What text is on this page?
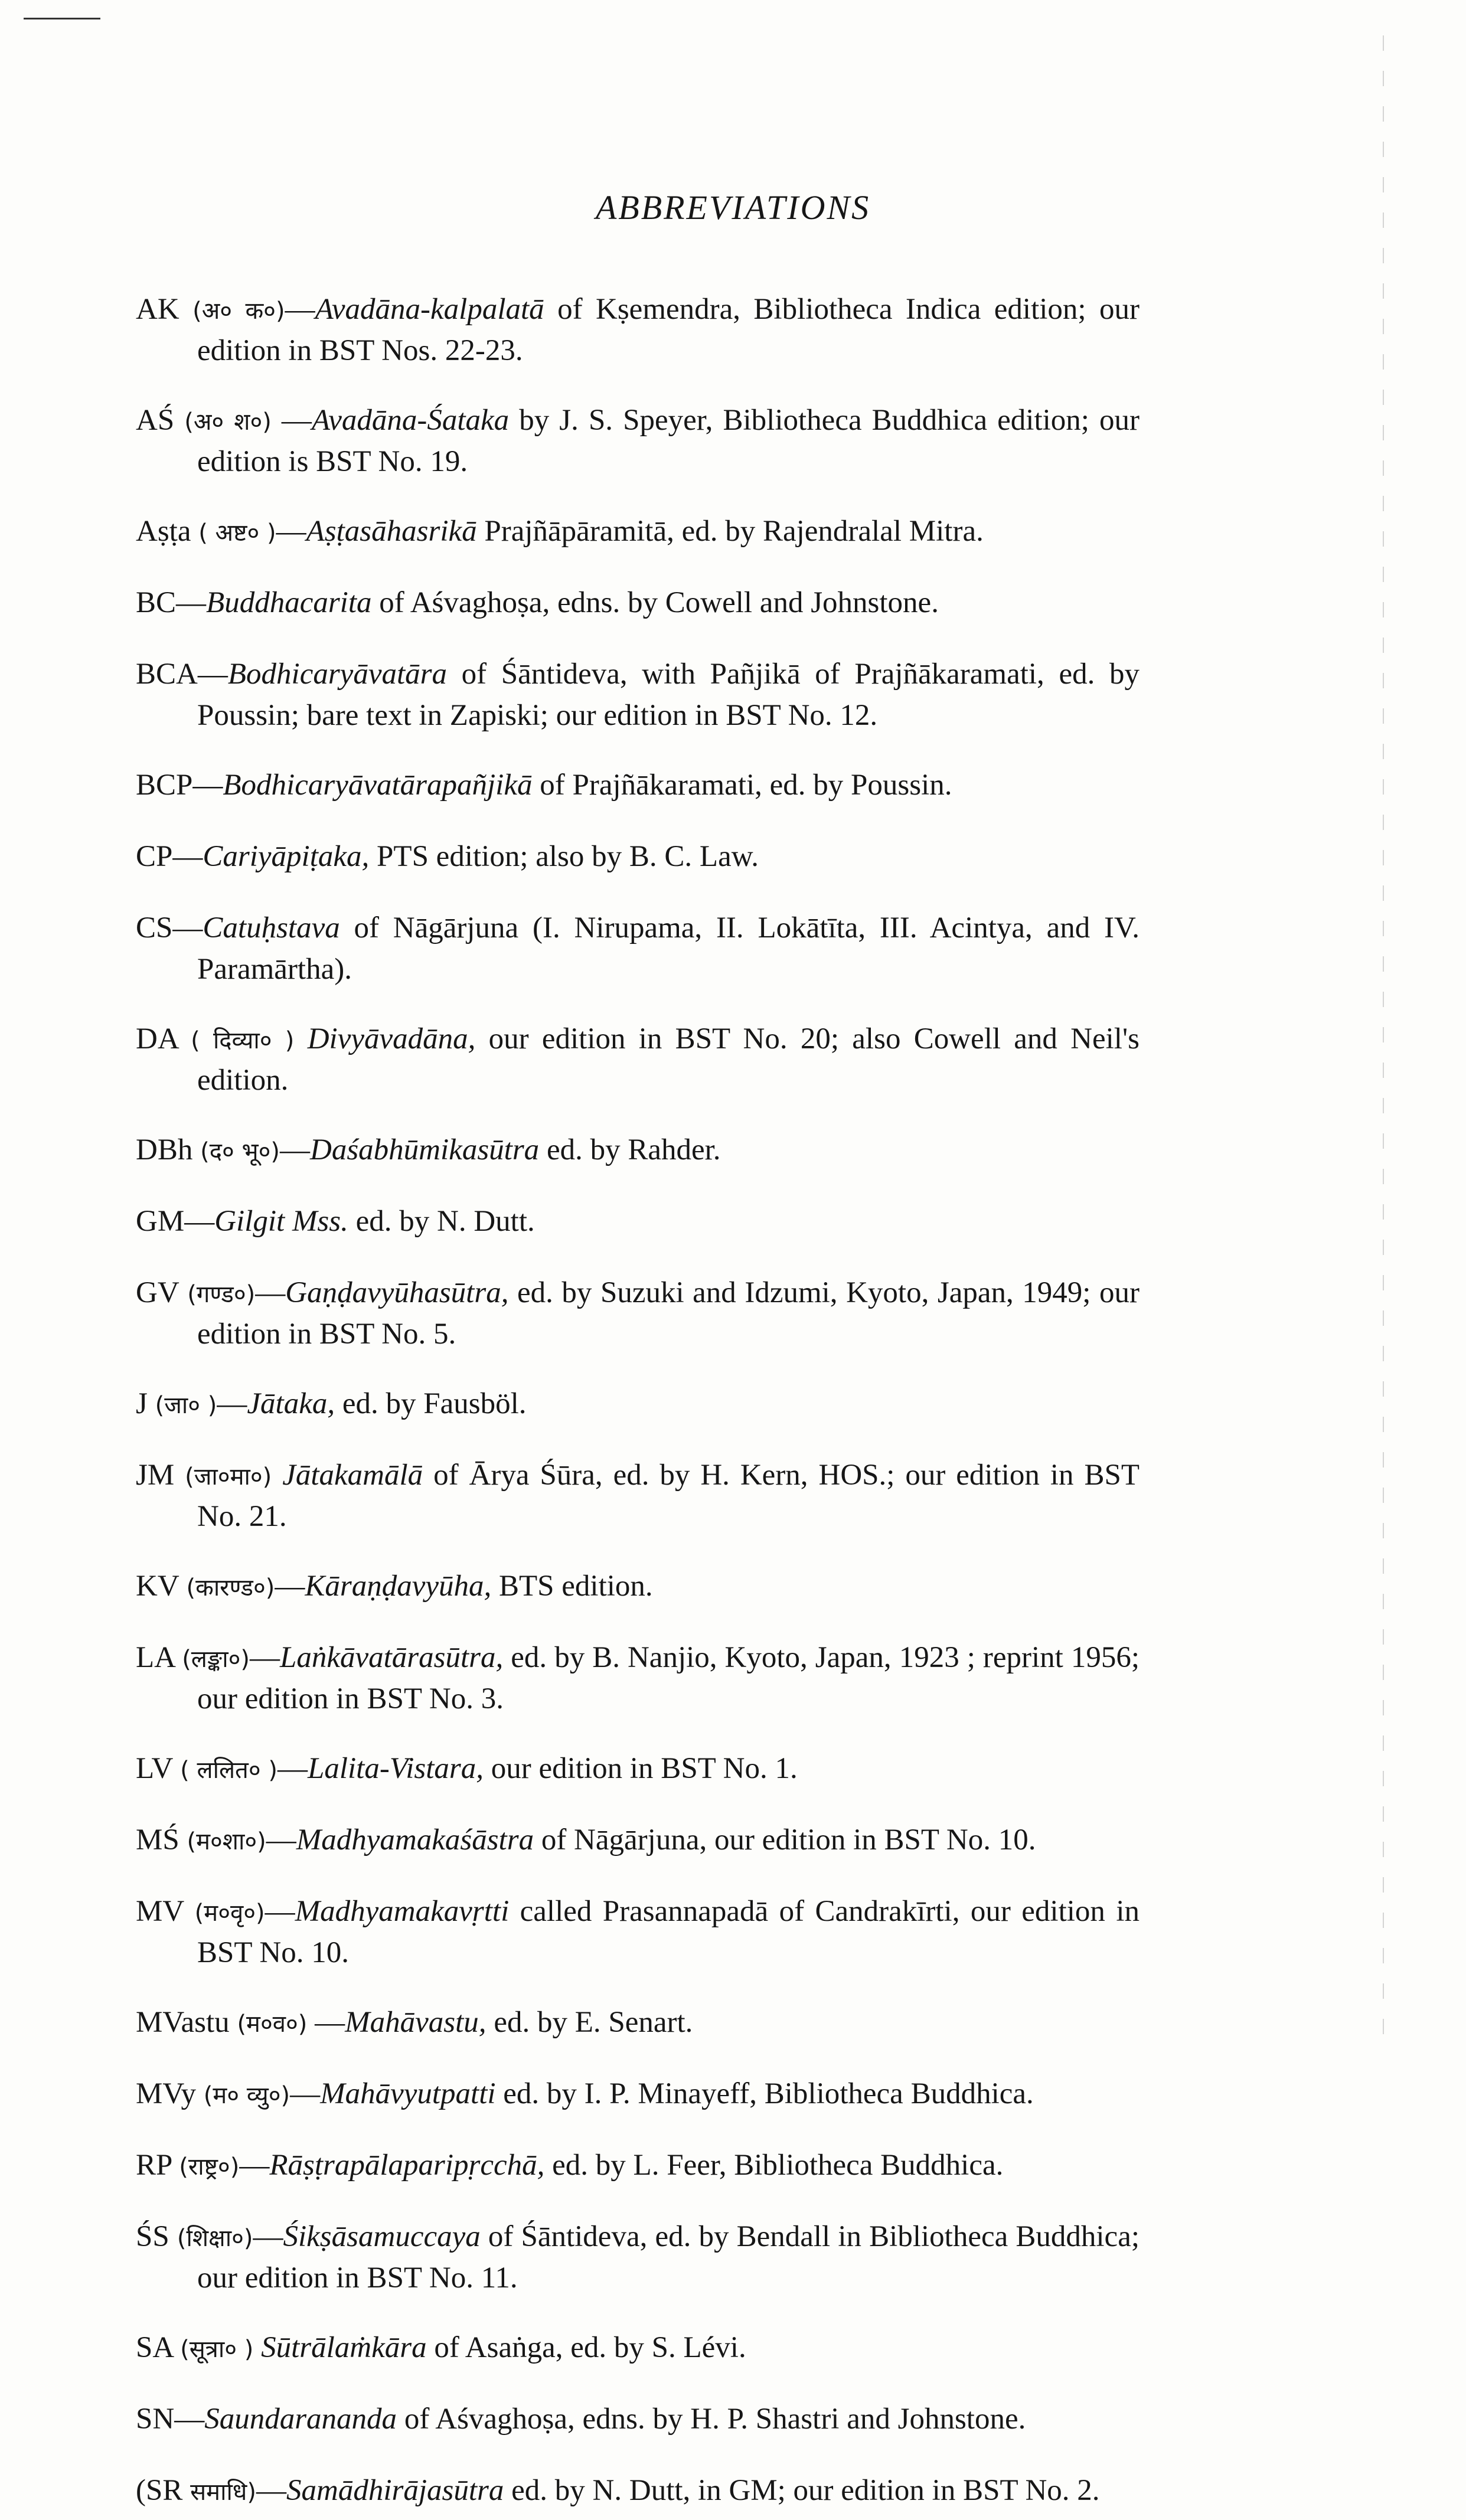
ABBREVIATIONS

AK (अ० क०)—Avadāna-kalpalatā of Kṣemendra, Bibliotheca Indica edition; our edition in BST Nos. 22-23.

AŚ (अ० श०) —Avadāna-Śataka by J. S. Speyer, Bibliotheca Buddhica edition; our edition is BST No. 19.

Aṣṭa ( अष्ट० )—Aṣṭasāhasrikā Prajñāpāramitā, ed. by Rajendralal Mitra.

BC—Buddhacarita of Aśvaghoṣa, edns. by Cowell and Johnstone.

BCA—Bodhicaryāvatāra of Śāntideva, with Pañjikā of Prajñākaramati, ed. by Poussin; bare text in Zapiski; our edition in BST No. 12.

BCP—Bodhicaryāvatārapañjikā of Prajñākaramati, ed. by Poussin.

CP—Cariyāpiṭaka, PTS edition; also by B. C. Law.

CS—Catuḥstava of Nāgārjuna (I. Nirupama, II. Lokātīta, III. Acintya, and IV. Paramārtha).

DA ( दिव्या० ) Divyāvadāna, our edition in BST No. 20; also Cowell and Neil's edition.

DBh (द० भू०)—Daśabhūmikasūtra ed. by Rahder.

GM—Gilgit Mss. ed. by N. Dutt.

GV (गण्ड०)—Gaṇḍavyūhasūtra, ed. by Suzuki and Idzumi, Kyoto, Japan, 1949; our edition in BST No. 5.

J (जा० )—Jātaka, ed. by Fausböl.

JM (जा०मा०) Jātakamālā of Ārya Śūra, ed. by H. Kern, HOS.; our edition in BST No. 21.

KV (कारण्ड०)—Kāraṇḍavyūha, BTS edition.

LA (लङ्का०)—Laṅkāvatārasūtra, ed. by B. Nanjio, Kyoto, Japan, 1923 ; reprint 1956; our edition in BST No. 3.

LV ( ललित० )—Lalita-Vistara, our edition in BST No. 1.

MŚ (म०शा०)—Madhyamakaśāstra of Nāgārjuna, our edition in BST No. 10.

MV (म०वृ०)—Madhyamakavṛtti called Prasannapadā of Candrakīrti, our edition in BST No. 10.

MVastu (म०व०) —Mahāvastu, ed. by E. Senart.

MVy (म० व्यु०)—Mahāvyutpatti ed. by I. P. Minayeff, Bibliotheca Buddhica.

RP (राष्ट्र०)—Rāṣṭrapālaparipṛcchā, ed. by L. Feer, Bibliotheca Buddhica.

ŚS (शिक्षा०)—Śikṣāsamuccaya of Śāntideva, ed. by Bendall in Bibliotheca Buddhica; our edition in BST No. 11.

SA (सूत्रा० ) Sūtrālaṁkāra of Asaṅga, ed. by S. Lévi.

SN—Saundarananda of Aśvaghoṣa, edns. by H. P. Shastri and Johnstone.

(SR समाधि)—Samādhirājasūtra ed. by N. Dutt, in GM; our edition in BST No. 2.
